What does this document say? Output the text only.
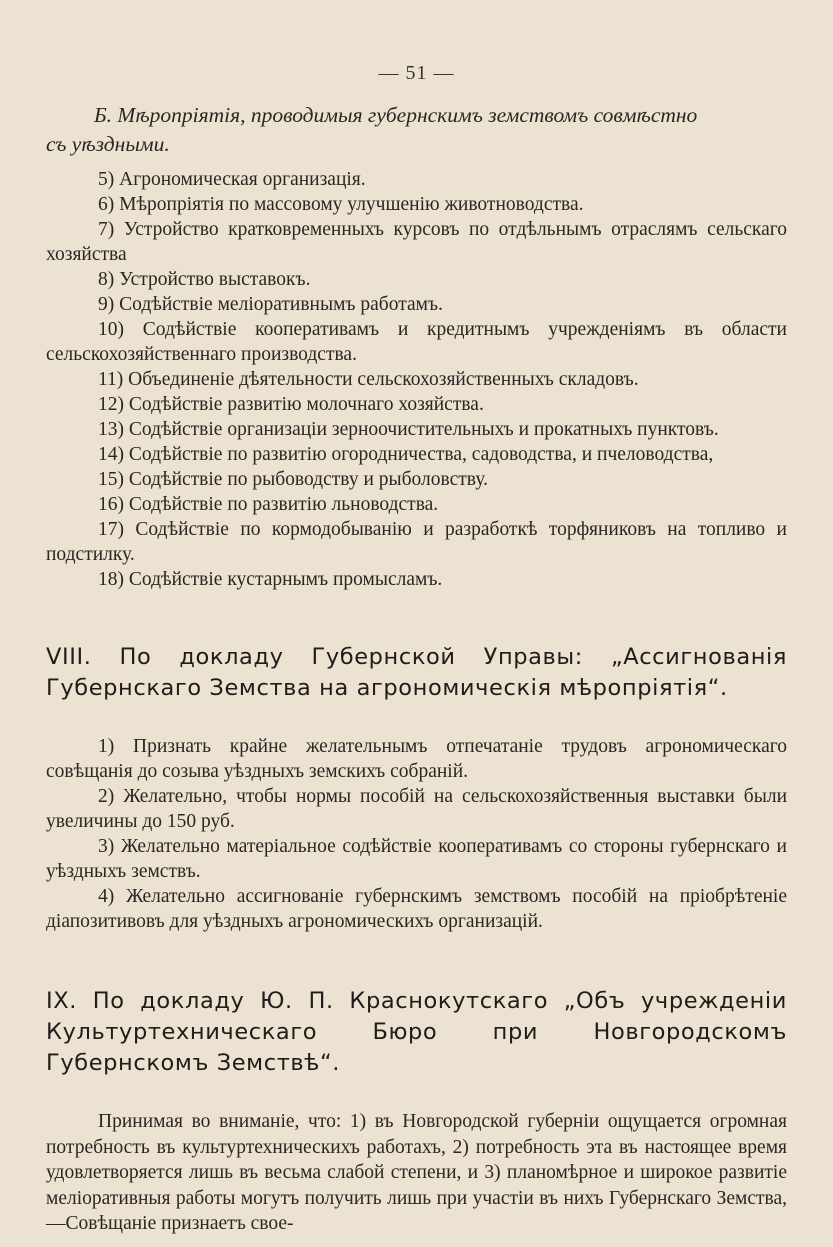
— 51 —
Б. Мѣропріятія, проводимыя губернскимъ земствомъ совмѣстно
съ уѣздными.
5) Агрономическая организація.
6) Мѣропріятія по массовому улучшенію животноводства.
7) Устройство кратковременныхъ курсовъ по отдѣльнымъ отраслямъ сельскаго хозяйства
8) Устройство выставокъ.
9) Содѣйствіе меліоративнымъ работамъ.
10) Содѣйствіе кооперативамъ и кредитнымъ учрежденіямъ въ области сельскохозяйственнаго производства.
11) Объединеніе дѣятельности сельскохозяйственныхъ складовъ.
12) Содѣйствіе развитію молочнаго хозяйства.
13) Содѣйствіе организаціи зерноочистительныхъ и прокатныхъ пунктовъ.
14) Содѣйствіе по развитію огородничества, садоводства, и пчеловодства,
15) Содѣйствіе по рыбоводству и рыболовству.
16) Содѣйствіе по развитію льноводства.
17) Содѣйствіе по кормодобыванію и разработкѣ торфяниковъ на топливо и подстилку.
18) Содѣйствіе кустарнымъ промысламъ.
VIII. По докладу Губернской Управы: „Ассигнованія Губернскаго Земства на агрономическія мѣропріятія“.

1) Признать крайне желательнымъ отпечатаніе трудовъ агрономическаго совѣщанія до созыва уѣздныхъ земскихъ собраній.

2) Желательно, чтобы нормы пособій на сельскохозяйственныя выставки были увеличины до 150 руб.

3) Желательно матеріальное содѣйствіе кооперативамъ со стороны губернскаго и уѣздныхъ земствъ.

4) Желательно ассигнованіе губернскимъ земствомъ пособій на пріобрѣтеніе діапозитивовъ для уѣздныхъ агрономическихъ организацій.

IX. По докладу Ю. П. Краснокутскаго „Объ учрежденіи Культуртехническаго Бюро при Новгородскомъ Губернскомъ Земствѣ“.

Принимая во вниманіе, что: 1) въ Новгородской губерніи ощущается огромная потребность въ культуртехническихъ работахъ, 2) потребность эта въ настоящее время удовлетворяется лишь въ весьма слабой степени, и 3) планомѣрное и широкое развитіе меліоративныя работы могутъ получить лишь при участіи въ нихъ Губернскаго Земства,—Совѣщаніе признаетъ свое-
